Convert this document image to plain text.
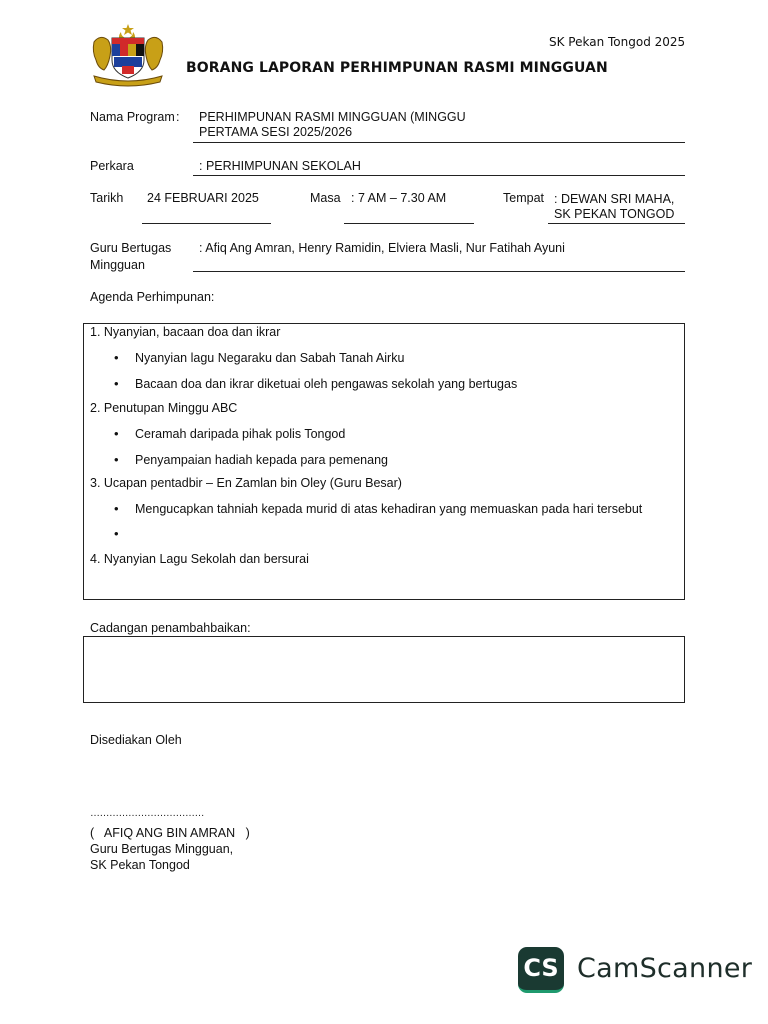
SK Pekan Tongod 2025
BORANG LAPORAN PERHIMPUNAN RASMI MINGGUAN
Nama Program : PERHIMPUNAN RASMI MINGGUAN (MINGGU
PERTAMA SESI 2025/2026
Perkara	: PERHIMPUNAN SEKOLAH
Tarikh 24 FEBRUARI 2025	Masa : 7 AM – 7.30 AM	Tempat : DEWAN SRI MAHA,
SK PEKAN TONGOD
Guru Bertugas
Mingguan
: Afiq Ang Amran, Henry Ramidin, Elviera Masli, Nur Fatihah Ayuni
Agenda Perhimpunan:
1. Nyanyian, bacaan doa dan ikrar
• Nyanyian lagu Negaraku dan Sabah Tanah Airku
• Bacaan doa dan ikrar diketuai oleh pengawas sekolah yang bertugas
2. Penutupan Minggu ABC
• Ceramah daripada pihak polis Tongod
• Penyampaian hadiah kepada para pemenang
3. Ucapan pentadbir – En Zamlan bin Oley (Guru Besar)
• Mengucapkan tahniah kepada murid di atas kehadiran yang memuaskan pada hari tersebut
•
4. Nyanyian Lagu Sekolah dan bersurai
Cadangan penambahbaikan:
Disediakan Oleh
………………………………
(   AFIQ ANG BIN AMRAN   )
Guru Bertugas Mingguan,
SK Pekan Tongod
CS CamScanner
